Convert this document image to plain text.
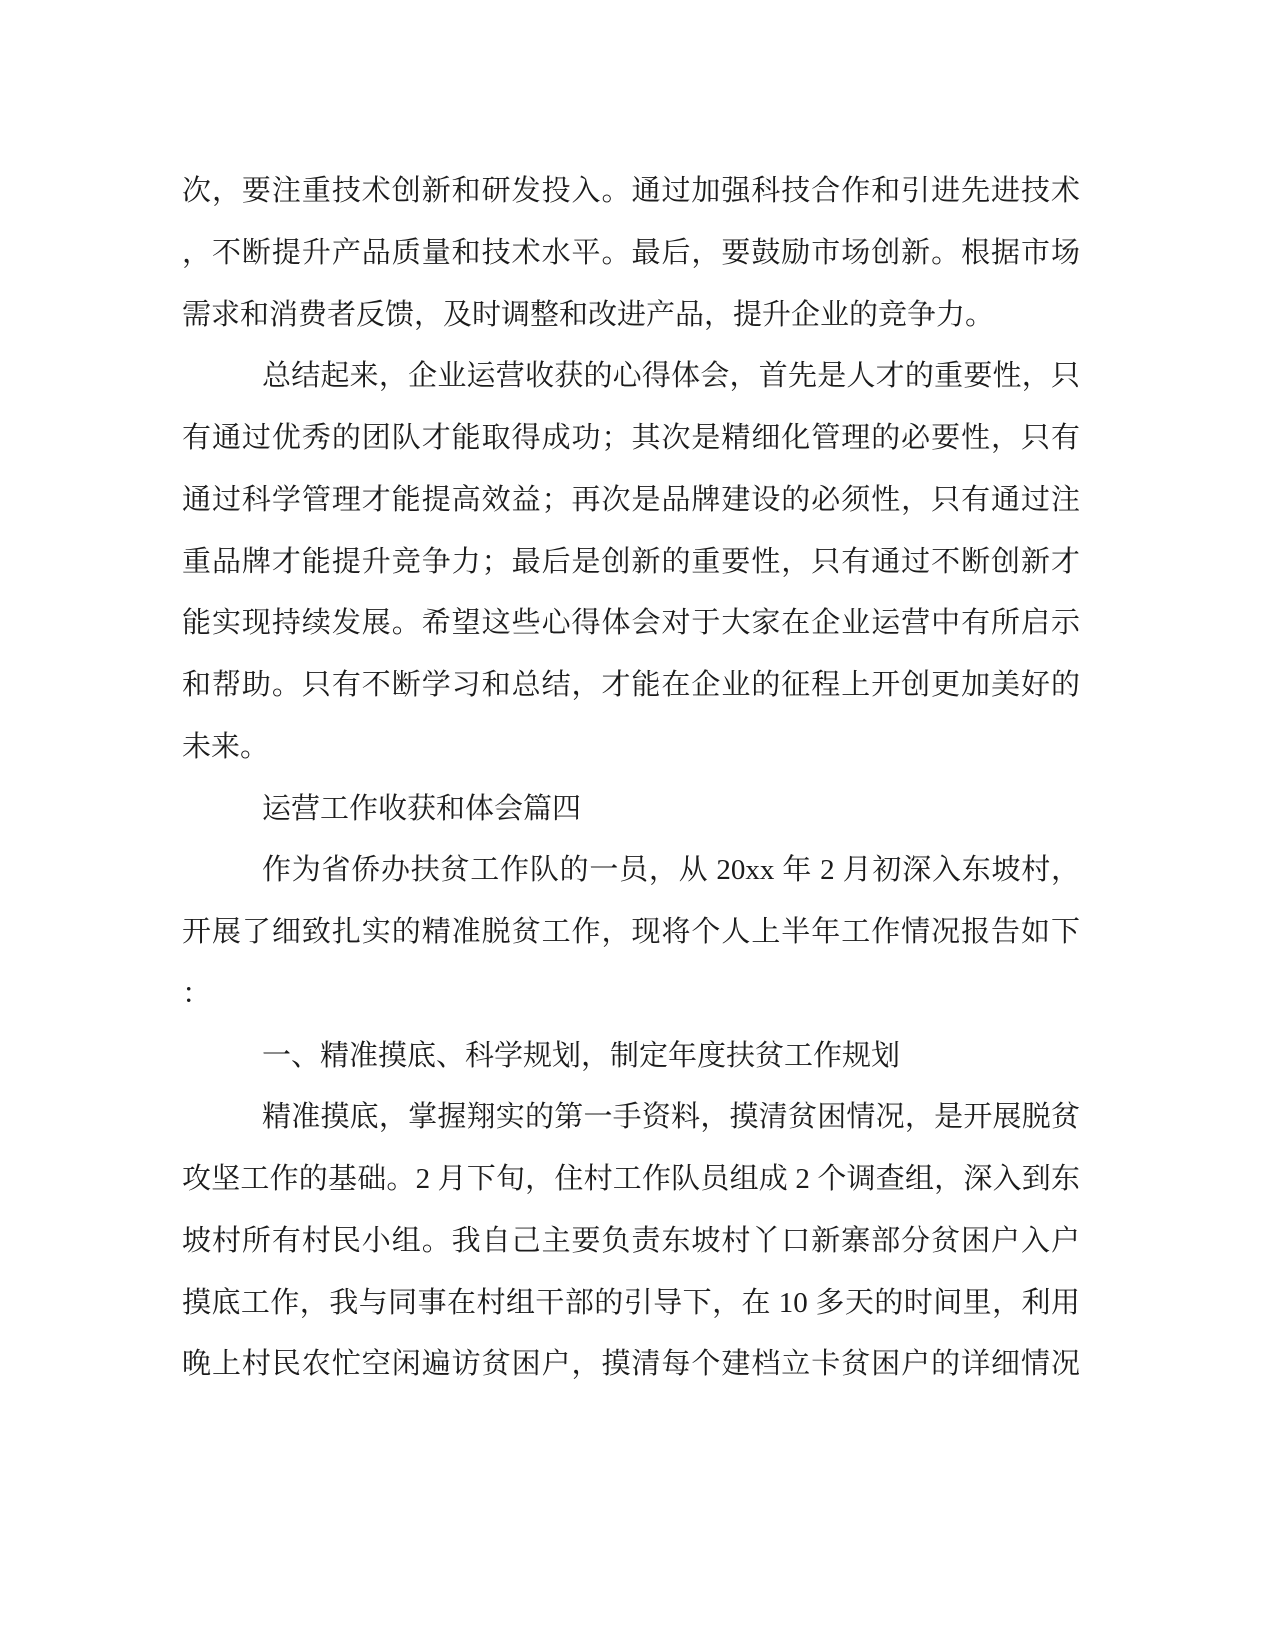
次，要注重技术创新和研发投入。通过加强科技合作和引进先进技术
，不断提升产品质量和技术水平。最后，要鼓励市场创新。根据市场
需求和消费者反馈，及时调整和改进产品，提升企业的竞争力。
总结起来，企业运营收获的心得体会，首先是人才的重要性，只
有通过优秀的团队才能取得成功；其次是精细化管理的必要性，只有
通过科学管理才能提高效益；再次是品牌建设的必须性，只有通过注
重品牌才能提升竞争力；最后是创新的重要性，只有通过不断创新才
能实现持续发展。希望这些心得体会对于大家在企业运营中有所启示
和帮助。只有不断学习和总结，才能在企业的征程上开创更加美好的
未来。
运营工作收获和体会篇四
作为省侨办扶贫工作队的一员，从 20xx 年 2 月初深入东坡村，
开展了细致扎实的精准脱贫工作，现将个人上半年工作情况报告如下
：
一、精准摸底、科学规划，制定年度扶贫工作规划
精准摸底，掌握翔实的第一手资料，摸清贫困情况，是开展脱贫
攻坚工作的基础。2 月下旬，住村工作队员组成 2 个调查组，深入到东
坡村所有村民小组。我自己主要负责东坡村丫口新寨部分贫困户入户
摸底工作，我与同事在村组干部的引导下，在 10 多天的时间里，利用
晚上村民农忙空闲遍访贫困户，摸清每个建档立卡贫困户的详细情况
